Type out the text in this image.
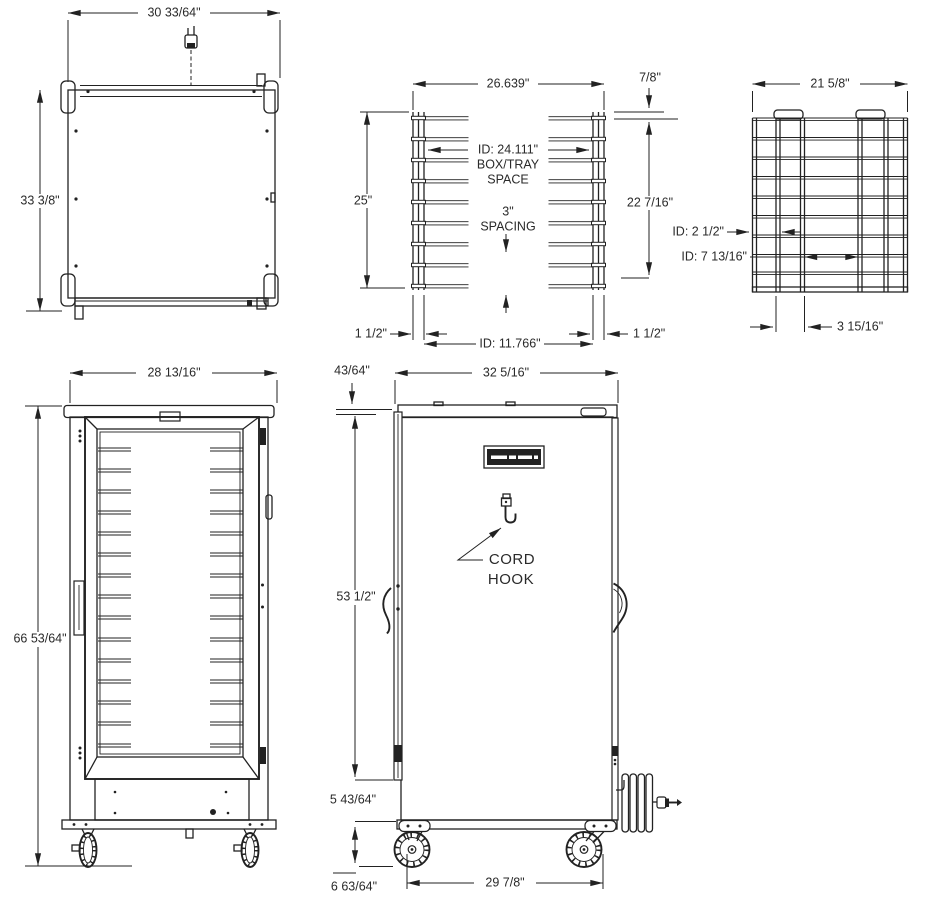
30 33/64"
33 3/8"
26.639"
25"
ID: 24.111"
BOX/TRAY
SPACE
3"
SPACING
7/8"
22 7/16"
1 1/2"
ID: 11.766"
1 1/2"
21 5/8"
ID: 2 1/2"
ID: 7 13/16"
3 15/16"
28 13/16"
66 53/64"
32 5/16"
43/64"
CORD
HOOK
53 1/2"
5 43/64"
6 63/64"	29 7/8"
